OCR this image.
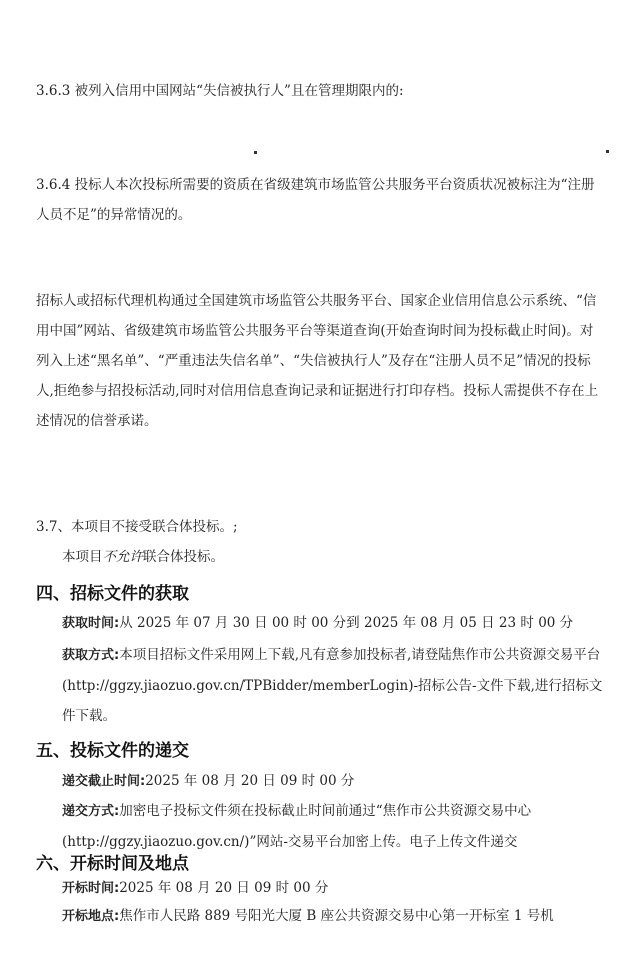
3.6.3 被列入信用中国网站“失信被执行人”且在管理期限内的:

3.6.4 投标人本次投标所需要的资质在省级建筑市场监管公共服务平台资质状况被标注为“注册人员不足”的异常情况的。

招标人或招标代理机构通过全国建筑市场监管公共服务平台、国家企业信用信息公示系统、“信用中国”网站、省级建筑市场监管公共服务平台等渠道查询(开始查询时间为投标截止时间)。对列入上述“黑名单”、“严重违法失信名单”、“失信被执行人”及存在“注册人员不足”情况的投标人,拒绝参与招投标活动,同时对信用信息查询记录和证据进行打印存档。投标人需提供不存在上述情况的信誉承诺。

3.7、本项目不接受联合体投标。;

本项目不允许联合体投标。

四、招标文件的获取

获取时间:从 2025 年 07 月 30 日 00 时 00 分到 2025 年 08 月 05 日 23 时 00 分

获取方式:本项目招标文件采用网上下载,凡有意参加投标者,请登陆焦作市公共资源交易平台(http://ggzy.jiaozuo.gov.cn/TPBidder/memberLogin)-招标公告-文件下载,进行招标文件下载。

五、投标文件的递交

递交截止时间:2025 年 08 月 20 日 09 时 00 分

递交方式:加密电子投标文件须在投标截止时间前通过“焦作市公共资源交易中心(http://ggzy.jiaozuo.gov.cn/)”网站-交易平台加密上传。电子上传文件递交

六、开标时间及地点

开标时间:2025 年 08 月 20 日 09 时 00 分

开标地点:焦作市人民路 889 号阳光大厦 B 座公共资源交易中心第一开标室 1 号机
